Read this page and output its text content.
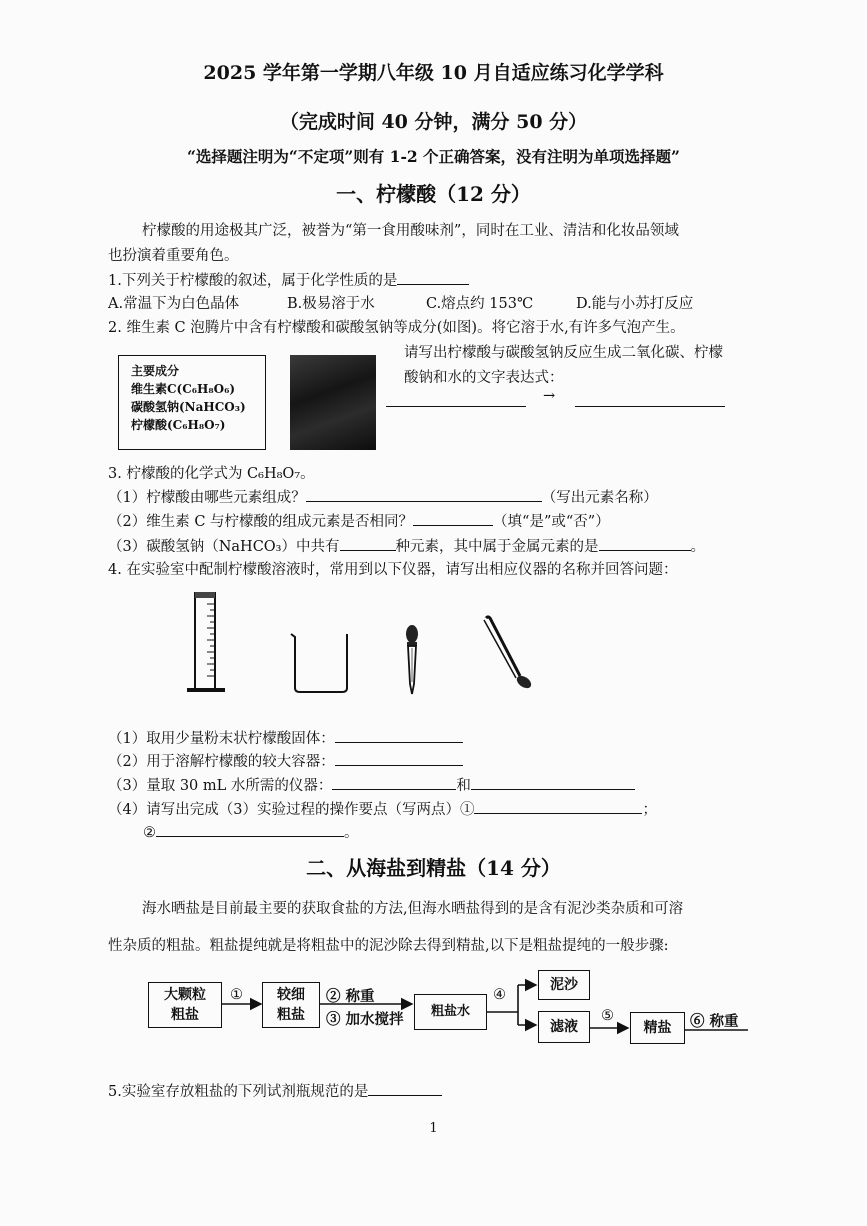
2025 学年第一学期八年级 10 月自适应练习化学学科
（完成时间 40 分钟，满分 50 分）
“选择题注明为“不定项”则有 1-2 个正确答案，没有注明为单项选择题”
一、柠檬酸（12 分）
柠檬酸的用途极其广泛，被誉为“第一食用酸味剂”，同时在工业、清洁和化妆品领域
也扮演着重要角色。
1.下列关于柠檬酸的叙述，属于化学性质的是
A.常温下为白色晶体	B.极易溶于水	C.熔点约 153℃	D.能与小苏打反应
2. 维生素 C 泡腾片中含有柠檬酸和碳酸氢钠等成分(如图)。将它溶于水,有许多气泡产生。
主要成分
维生素C(C₆H₈O₆)
碳酸氢钠(NaHCO₃)
柠檬酸(C₆H₈O₇)
请写出柠檬酸与碳酸氢钠反应生成二氧化碳、柠檬
酸钠和水的文字表达式：
→
3. 柠檬酸的化学式为 C₆H₈O₇。
（1）柠檬酸由哪些元素组成？	（写出元素名称）
（2）维生素 C 与柠檬酸的组成元素是否相同？	（填“是”或“否”）
（3）碳酸氢钠（NaHCO₃）中共有	种元素，其中属于金属元素的是	。
4. 在实验室中配制柠檬酸溶液时，常用到以下仪器，请写出相应仪器的名称并回答问题：
（1）取用少量粉末状柠檬酸固体：
（2）用于溶解柠檬酸的较大容器：
（3）量取 30 mL 水所需的仪器：	和
（4）请写出完成（3）实验过程的操作要点（写两点）①	；
②	。
二、从海盐到精盐（14 分）
海水晒盐是目前最主要的获取食盐的方法,但海水晒盐得到的是含有泥沙类杂质和可溶
性杂质的粗盐。粗盐提纯就是将粗盐中的泥沙除去得到精盐,以下是粗盐提纯的一般步骤:
大颗粒
粗盐
① 较细
粗盐
② 称重
③ 加水搅拌	粗盐水
④
泥沙
滤液
⑤
精盐	⑥ 称重
5.实验室存放粗盐的下列试剂瓶规范的是
1
